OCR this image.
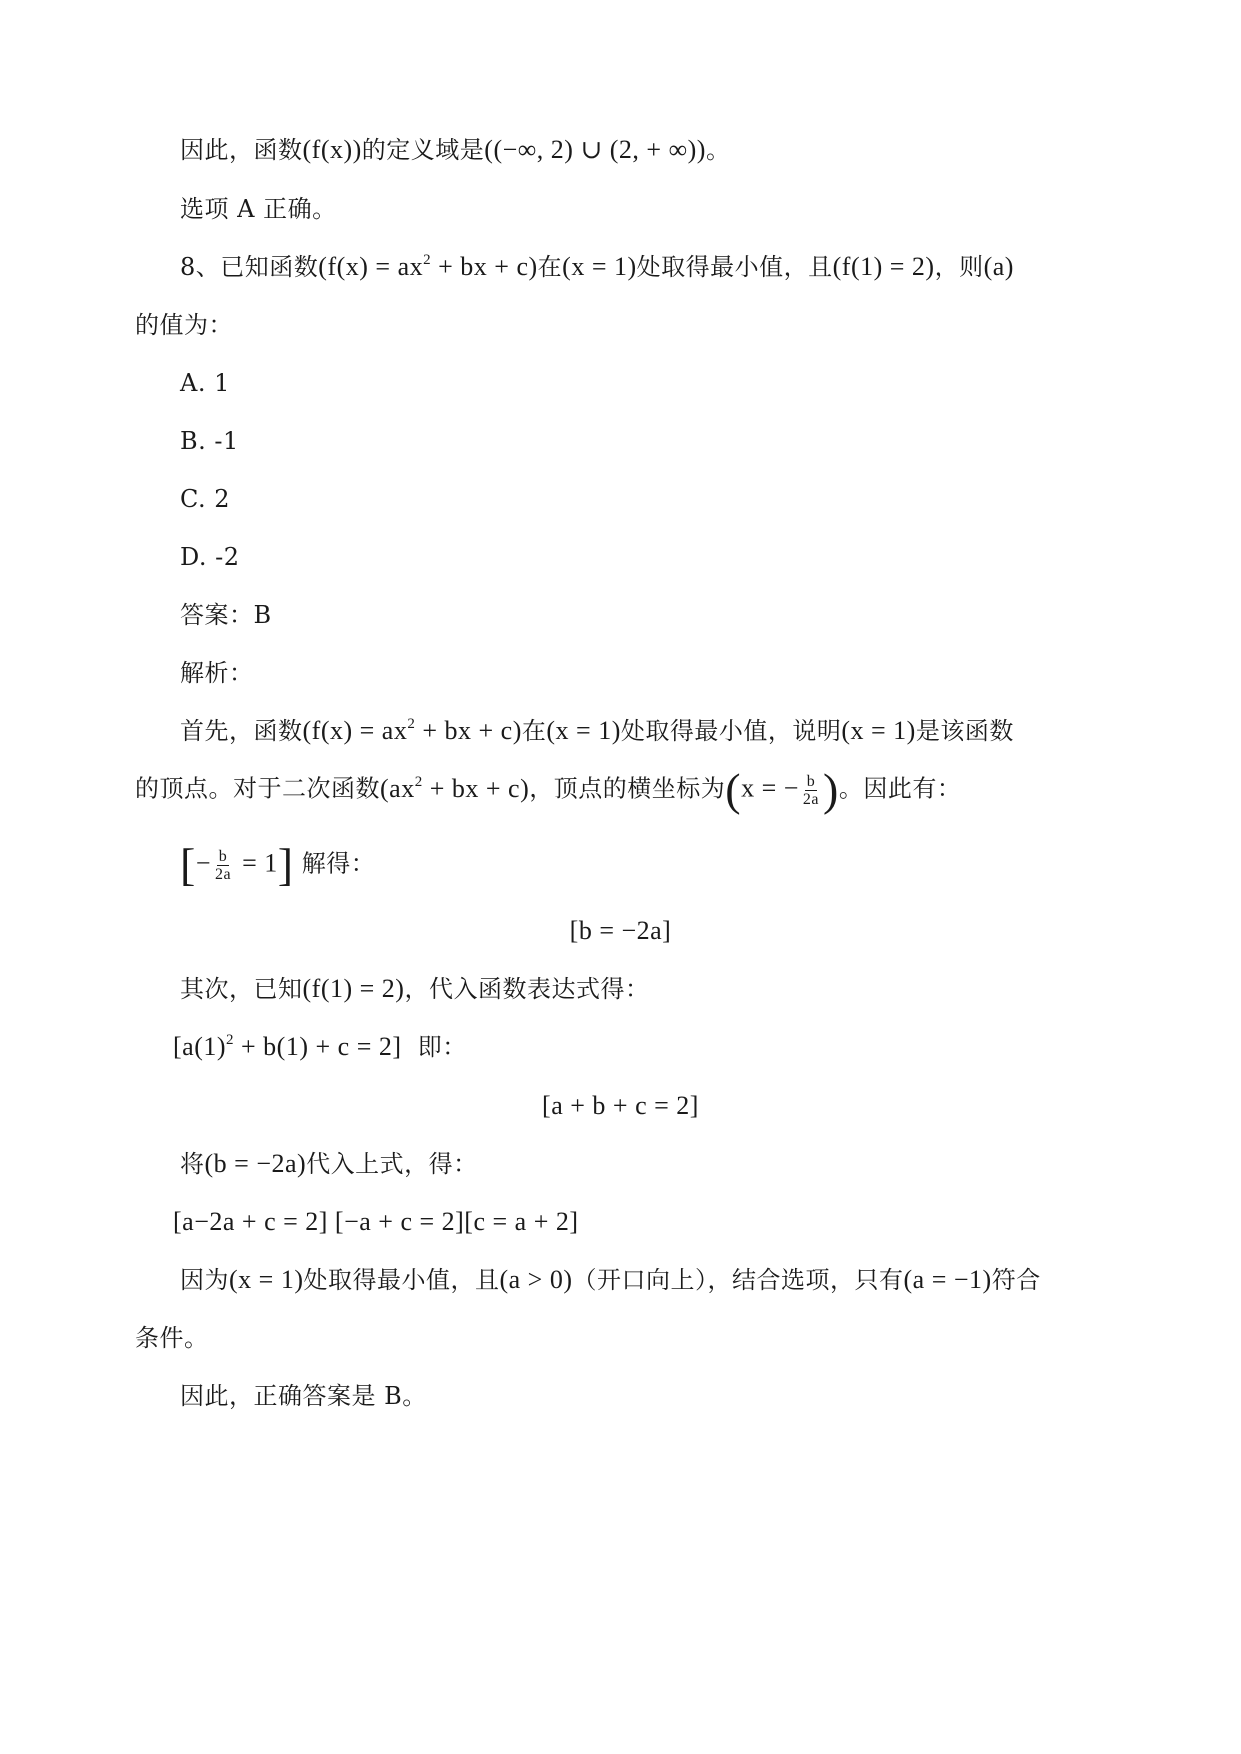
因此，函数(f(x))的定义域是((−∞, 2) ∪ (2, + ∞))。
选项 A 正确。
8、已知函数($f(x) = ax^2$ + bx + c)在(x = 1)处取得最小值，且(f(1) = 2)，则(a)
的值为：
A. 1
B. -1
C. 2
D. -2
答案：B
解析：
首先，函数($f(x) = ax^2$ + bx + c)在(x = 1)处取得最小值，说明(x = 1)是该函数
的顶点。对于二次函数($ax^2$ + bx + c)，顶点的横坐标为(x = − $\frac{b}{2a}$ )。因此有：
[− $\frac{b}{2a} = 1$] 解得：
[b = −2a]
其次，已知(f(1) = 2)，代入函数表达式得：
$[a(1)^2 + b(1) + c = 2]$ 即：
[a + b + c = 2]
将(b = −2a)代入上式，得：
[a−2a + c = 2] [−a + c = 2][c = a + 2]
因为(x = 1)处取得最小值，且(a > 0)（开口向上），结合选项，只有(a = −1)符合
条件。
因此，正确答案是 B。
